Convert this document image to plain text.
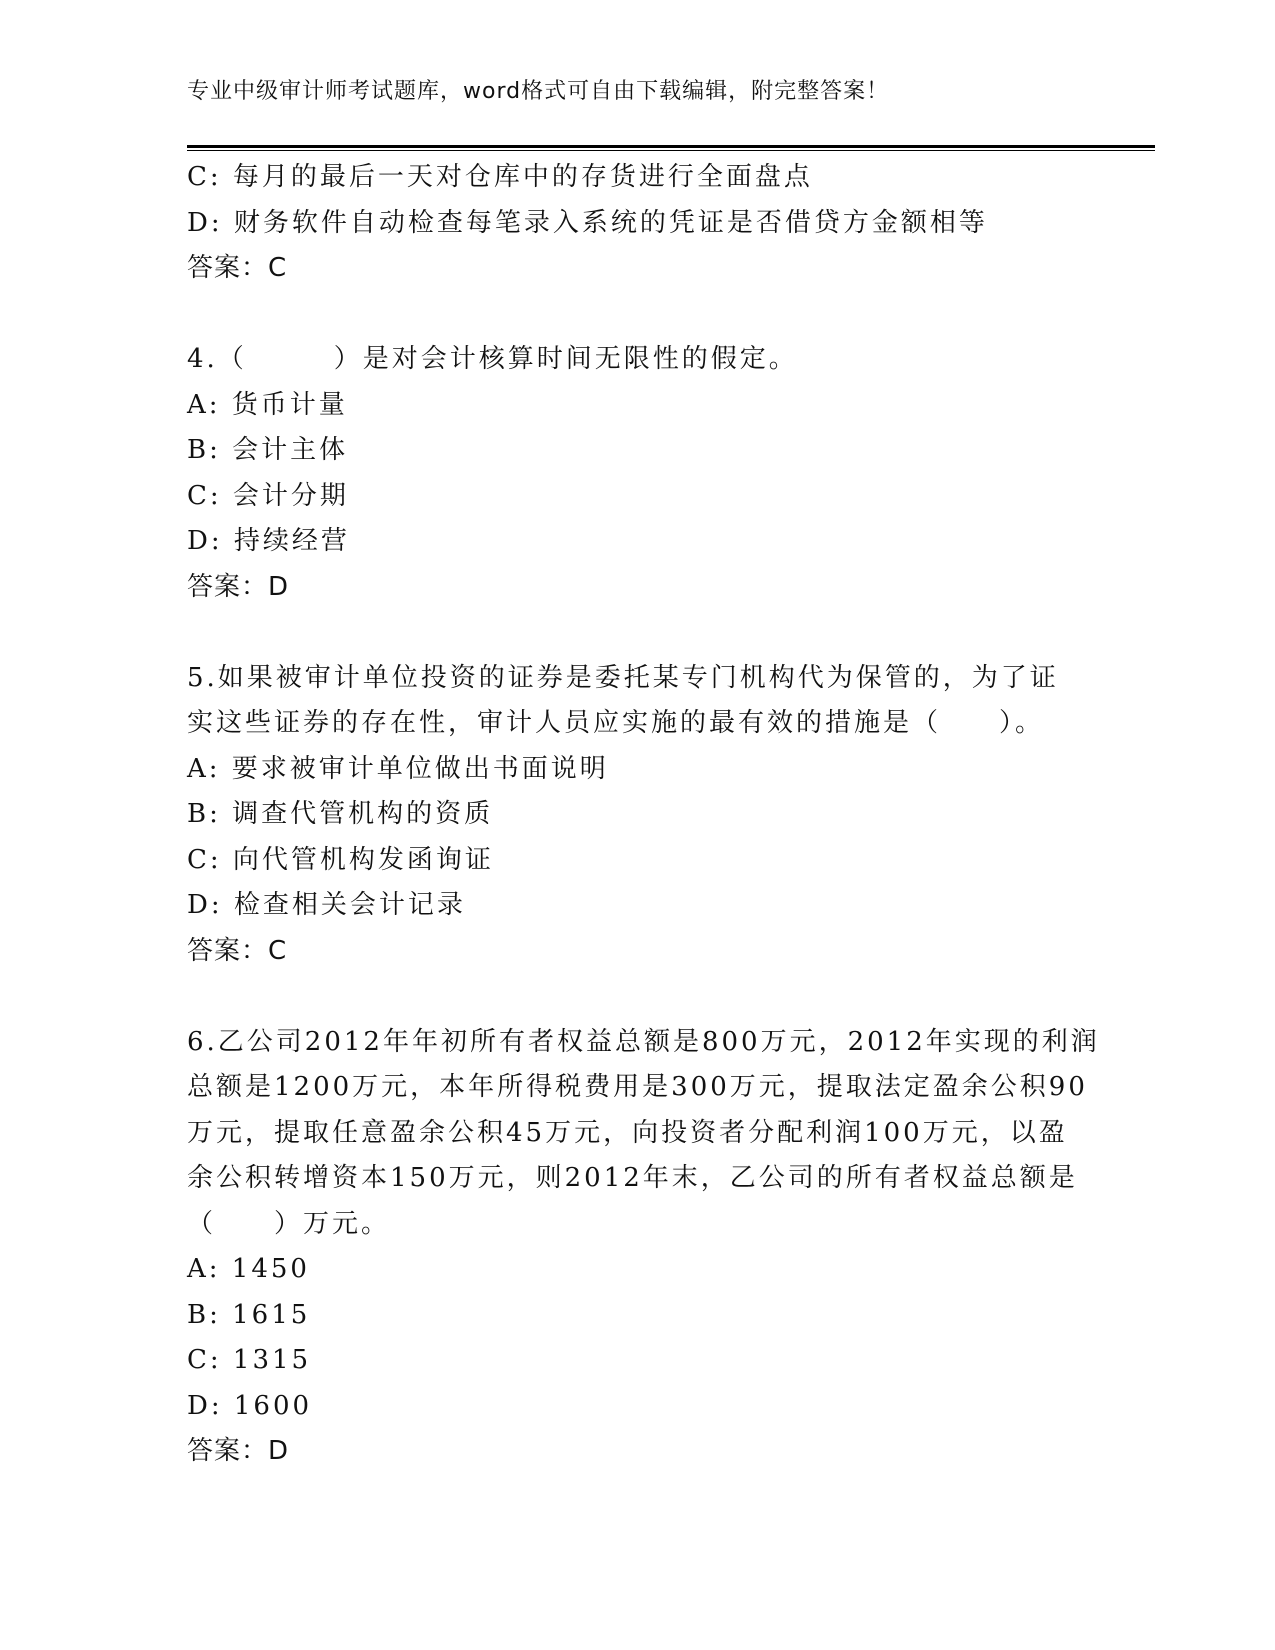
专业中级审计师考试题库，word格式可自由下载编辑，附完整答案！
C: 每月的最后一天对仓库中的存货进行全面盘点
D: 财务软件自动检查每笔录入系统的凭证是否借贷方金额相等
答案：C
4.（　　　）是对会计核算时间无限性的假定。
A: 货币计量
B: 会计主体
C: 会计分期
D: 持续经营
答案：D
5.如果被审计单位投资的证券是委托某专门机构代为保管的，为了证
实这些证券的存在性，审计人员应实施的最有效的措施是（　　）。
A: 要求被审计单位做出书面说明
B: 调查代管机构的资质
C: 向代管机构发函询证
D: 检查相关会计记录
答案：C
6.乙公司2012年年初所有者权益总额是800万元，2012年实现的利润
总额是1200万元，本年所得税费用是300万元，提取法定盈余公积90
万元，提取任意盈余公积45万元，向投资者分配利润100万元，以盈
余公积转增资本150万元，则2012年末，乙公司的所有者权益总额是
（　　）万元。
A: 1450
B: 1615
C: 1315
D: 1600
答案：D
